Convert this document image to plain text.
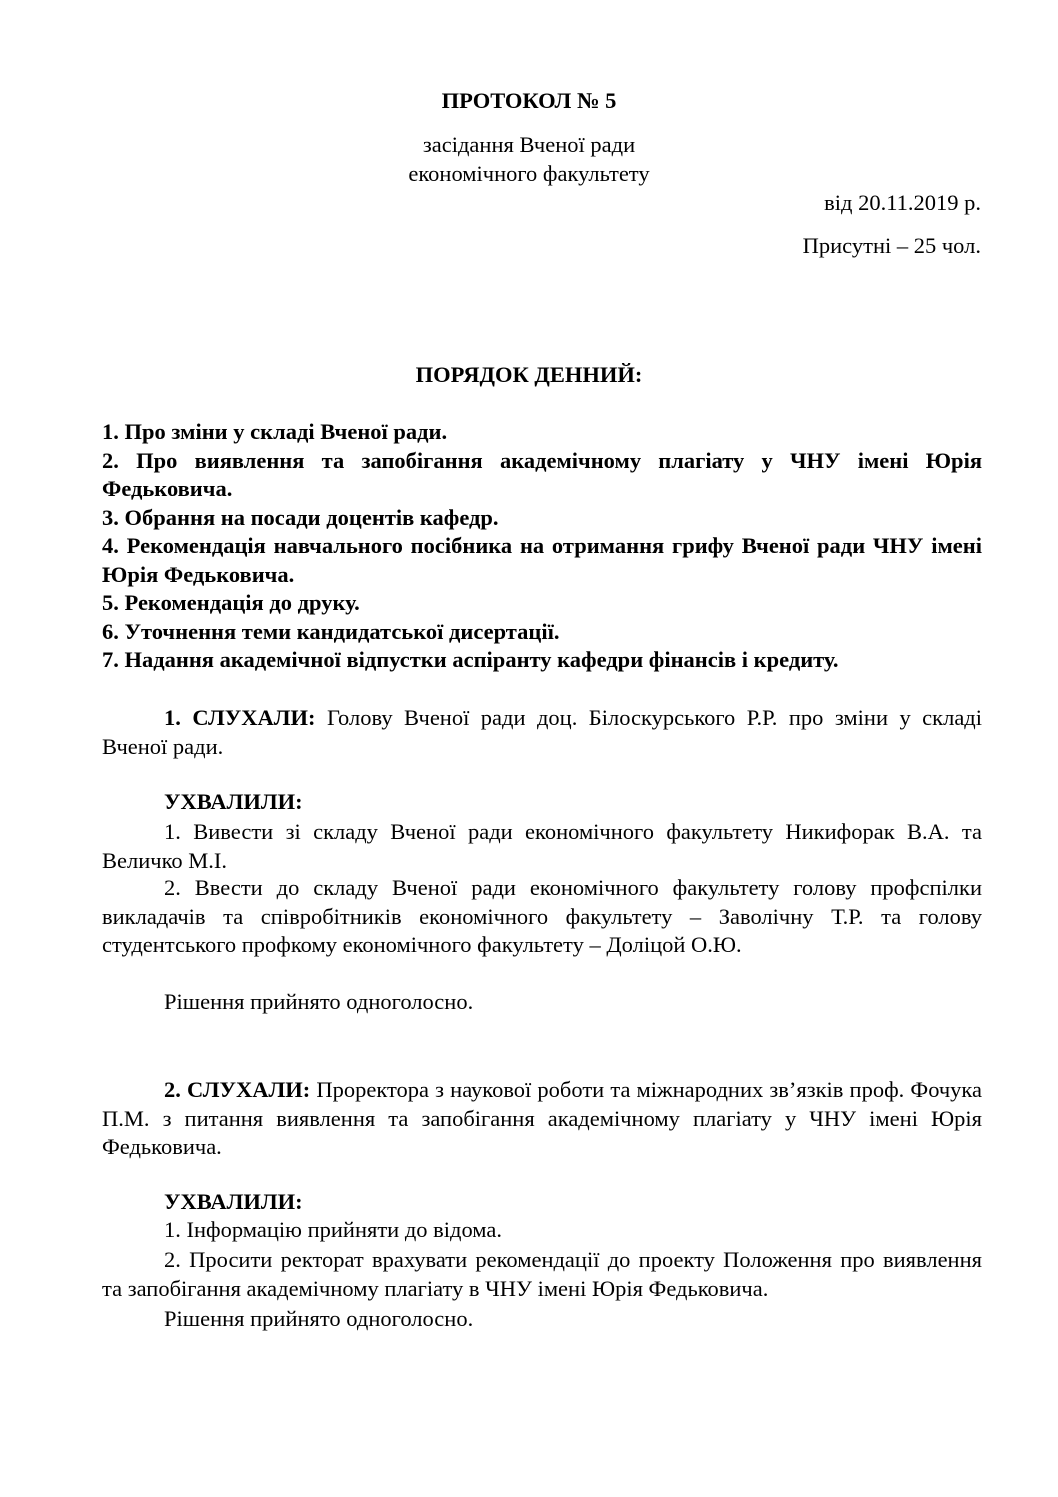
ПРОТОКОЛ № 5
засідання Вченої ради
економічного факультету
від 20.11.2019 р.
Присутні – 25 чол.
ПОРЯДОК ДЕННИЙ:
1. Про зміни у складі Вченої ради.
2. Про виявлення та запобігання академічному плагіату у ЧНУ імені Юрія Федьковича.
3. Обрання на посади доцентів кафедр.
4. Рекомендація навчального посібника на отримання грифу Вченої ради ЧНУ імені Юрія Федьковича.
5. Рекомендація до друку.
6. Уточнення теми кандидатської дисертації.
7. Надання академічної відпустки аспіранту кафедри фінансів і кредиту.
1. СЛУХАЛИ: Голову Вченої ради доц. Білоскурського Р.Р. про зміни у складі Вченої ради.
УХВАЛИЛИ:
1. Вивести зі складу Вченої ради економічного факультету Никифорак В.А. та Величко М.І.
2. Ввести до складу Вченої ради економічного факультету голову профспілки викладачів та співробітників економічного факультету – Заволічну Т.Р. та голову студентського профкому економічного факультету – Доліцой О.Ю.
Рішення прийнято одноголосно.
2. СЛУХАЛИ: Проректора з наукової роботи та міжнародних зв’язків проф. Фочука П.М. з питання виявлення та запобігання академічному плагіату у ЧНУ імені Юрія Федьковича.
УХВАЛИЛИ:
1. Інформацію прийняти до відома.
2. Просити ректорат врахувати рекомендації до проекту Положення про виявлення та запобігання академічному плагіату в ЧНУ імені Юрія Федьковича.
Рішення прийнято одноголосно.
